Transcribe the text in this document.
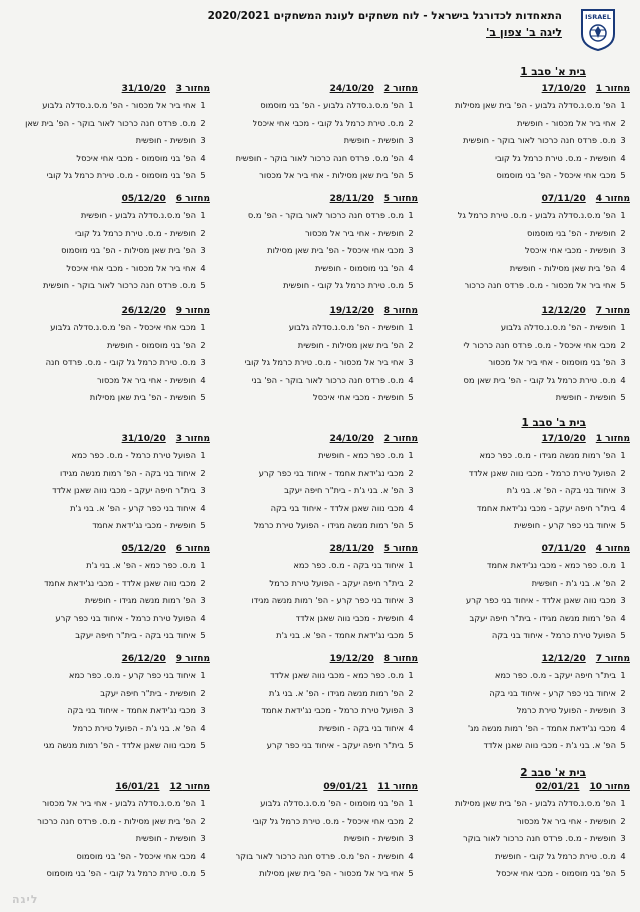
התאחדות לכדורגל בישראל - לוח משחקים לעונת המשחקים 2020/2021
ליגה ב' צפון ב'
ISRAEL
בית א' סבב 1
בית ב' סבב 1
בית א' סבב 2
מחזור 1
17/10/20
1
הפ' מ.ס.נ.סדלה גלבוע - הפ' בית שאן מסילות
2
אחי ביר אל מכסור - חופשית
3
מ.ס. פרדס חנה כרכור לאור בוקר - חופשית
4
חופשית - מ.ס. טירת כרמל גל קובי
5
מכבי אחי איכסל - הפ' בני מוסמוס
מחזור 2
24/10/20
1
הפ' מ.ס.נ.סדלה גלבוע - הפ' בני מוסמוס
2
מ.ס. טירת כרמל גל קובי - מכבי אחי איכסל
3
חופשית - חופשית
4
הפ' מ.ס. פרדס חנה כרכור לאור בוקר - חופשית
5
הפ' בית שאן מסילות - אחי ביר אל מכסור
מחזור 3
31/10/20
1
אחי ביר אל מכסור - הפ' מ.ס.נ.סדלה גלבוע
2
מ.ס. פרדס חנה כרכור לאור בוקר - הפ' בית שאן
3
חופשית - חופשית
4
הפ' בני מוסמוס - מכבי אחי איכסל
5
הפ' בני מוסמוס - מ.ס. טירת כרמל גל קובי
מחזור 4
07/11/20
1
הפ' מ.ס.נ.סדלה גלבוע - מ.ס. טירת כרמל גל
2
חופשית - הפ' בני מוסמוס
3
חופשית - מכבי אחי איכסל
4
הפ' בית שאן מסילות - חופשית
5
אחי ביר אל מכסור - מ.ס. פרדס חנה כרכור
מחזור 5
28/11/20
1
מ.ס. פרדס חנה כרכור לאור בוקר - הפ' מ.ס
2
חופשית - אחי ביר אל מכסור
3
מכבי אחי איכסל - הפ' בית שאן מסילות
4
הפ' בני מוסמוס - חופשית
5
מ.ס. טירת כרמל גל קובי - חופשית
מחזור 6
05/12/20
1
הפ' מ.ס.נ.סדלה גלבוע - חופשית
2
חופשית - מ.ס. טירת כרמל גל קובי
3
הפ' בית שאן מסילות - הפ' בני מוסמוס
4
אחי ביר אל מכסור - מכבי אחי איכסל
5
מ.ס. פרדס חנה כרכור לאור בוקר - חופשית
מחזור 7
12/12/20
1
חופשית - הפ' מ.ס.נ.סדלה גלבוע
2
מכבי אחי איכסל - מ.ס. פרדס חנה כרכור לי
3
הפ' בני מוסמוס - אחי ביר אל מכסור
4
מ.ס. טירת כרמל גל קובי - הפ' בית שאן מס
5
חופשית - חופשית
מחזור 8
19/12/20
1
חופשית - הפ' מ.ס.נ.סדלה גלבוע
2
הפ' בית שאן מסילות - חופשית
3
אחי ביר אל מכסור - מ.ס. טירת כרמל גל קובי
4
מ.ס. פרדס חנה כרכור לאור בוקר - הפ' בני
5
חופשית - מכבי אחי איכסל
מחזור 9
26/12/20
1
מכבי אחי איכסל - הפ' מ.ס.נ.סדלה גלבוע
2
הפ' בני מוסמוס - חופשית
3
מ.ס. טירת כרמל גל קובי - מ.ס. פרדס חנה
4
חופשית - אחי ביר אל מכסור
5
חופשית - הפ' בית שאן מסילות
מחזור 1
17/10/20
1
הפ' רמות מנשה מגידו - מ.ס. כפר כמא
2
הפועל טירת כרמל - מכבי נווה שאנן אלדד
3
איחוד בני בקה - הפ' א. בני ג'ת
4
בית"ר חיפה יעקב - מכבי נג'ידאת אחמד
5
איחוד בני כפר קרע - חופשית
מחזור 2
24/10/20
1
מ.ס. כפר כמא - חופשית
2
מכבי נג'ידאת אחמד - איחוד בני כפר קרע
3
הפ' א. בני ג'ת - בית"ר חיפה יעקב
4
מכבי נווה שאנן אלדד - איחוד בני בקה
5
הפ' רמות מנשה מגידו - הפועל טירת כרמל
מחזור 3
31/10/20
1
הפועל טירת כרמל - מ.ס. כפר כמא
2
איחוד בני בקה - הפ' רמות מנשה מגידו
3
בית"ר חיפה יעקב - מכבי נווה שאנן אלדד
4
איחוד בני כפר קרע - הפ' א. בני ג'ת
5
חופשית - מכבי נג'ידאת אחמד
מחזור 4
07/11/20
1
מ.ס. כפר כמא - מכבי נג'ידאת אחמד
2
הפ' א. בני ג'ת - חופשית
3
מכבי נווה שאנן אלדד - איחוד בני כפר קרע
4
הפ' רמות מנשה מגידו - בית"ר חיפה יעקב
5
הפועל טירת כרמל - איחוד בני בקה
מחזור 5
28/11/20
1
איחוד בני בקה - מ.ס. כפר כמא
2
בית"ר חיפה יעקב - הפועל טירת כרמל
3
איחוד בני כפר קרע - הפ' רמות מנשה מגידו
4
חופשית - מכבי נווה שאנן אלדד
5
מכבי נג'ידאת אחמד - הפ' א. בני ג'ת
מחזור 6
05/12/20
1
מ.ס. כפר כמא - הפ' א. בני ג'ת
2
מכבי נווה שאנן אלדד - מכבי נג'ידאת אחמד
3
הפ' רמות מנשה מגידו - חופשית
4
הפועל טירת כרמל - איחוד בני כפר קרע
5
איחוד בני בקה - בית"ר חיפה יעקב
מחזור 7
12/12/20
1
בית"ר חיפה יעקב - מ.ס. כפר כמא
2
איחוד בני כפר קרע - איחוד בני בקה
3
חופשית - הפועל טירת כרמל
4
מכבי נג'ידאת אחמד - הפ' רמות מנשה מג'
5
הפ' א. בני ג'ת - מכבי נווה שאנן אלדד
מחזור 8
19/12/20
1
מ.ס. כפר כמא - מכבי נווה שאנן אלדד
2
הפ' רמות מנשה מגידו - הפ' א. בני ג'ת
3
הפועל טירת כרמל - מכבי נג'ידאת אחמד
4
איחוד בני בקה - חופשית
5
בית"ר חיפה יעקב - איחוד בני כפר קרע
מחזור 9
26/12/20
1
איחוד בני כפר קרע - מ.ס. כפר כמא
2
חופשית - בית"ר חיפה יעקב
3
מכבי נג'ידאת אחמד - איחוד בני בקה
4
הפ' א. בני ג'ת - הפועל טירת כרמל
5
מכבי נווה שאנן אלדד - הפ' רמות מנשה מגי
מחזור 10
02/01/21
1
הפ' מ.ס.נ.סדלה גלבוע - הפ' בית שאן מסילות
2
חופשית - אחי ביר אל מכסור
3
חופשית - מ.ס. פרדס חנה כרכור לאור בוקר
4
מ.ס. טירת כרמל גל קובי - חופשית
5
הפ' בני מוסמוס - מכבי אחי איכסל
מחזור 11
09/01/21
1
הפ' בני מוסמוס - הפ' מ.ס.נ.סדלה גלבוע
2
מכבי אחי איכסל - מ.ס. טירת כרמל גל קובי
3
חופשית - חופשית
4
חופשית - הפ' מ.ס. פרדס חנה כרכור לאור בוקר
5
אחי ביר אל מכסור - הפ' בית שאן מסילות
מחזור 12
16/01/21
1
הפ' מ.ס.נ.סדלה גלבוע - אחי ביר אל מכסור
2
הפ' בית שאן מסילות - מ.ס. פרדס חנה כרכור
3
חופשית - חופשית
4
מכבי אחי איכסל - הפ' בני מוסמוס
5
מ.ס. טירת כרמל גל קובי - הפ' בני מוסמוס
ליגה
